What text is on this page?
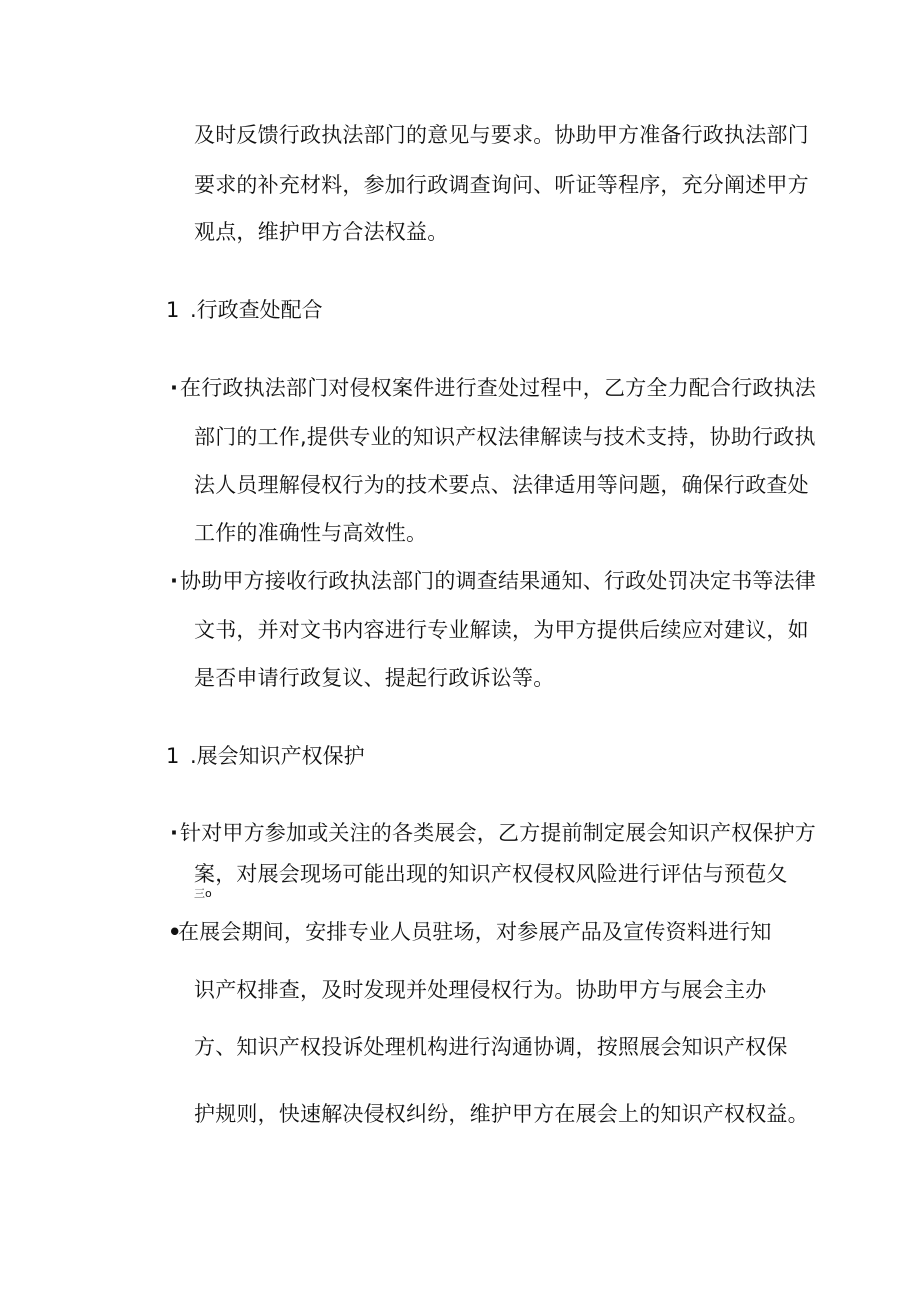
及时反馈行政执法部门的意见与要求。协助甲方准备行政执法部门
要求的补充材料，参加行政调查询问、听证等程序，充分阐述甲方
观点，维护甲方合法权益。
1 .行政查处配合
·在行政执法部门对侵权案件进行查处过程中，乙方全力配合行政执法
部门的工作,提供专业的知识产权法律解读与技术支持，协助行政执
法人员理解侵权行为的技术要点、法律适用等问题，确保行政查处
工作的准确性与高效性。
·协助甲方接收行政执法部门的调查结果通知、行政处罚决定书等法律
文书，并对文书内容进行专业解读，为甲方提供后续应对建议，如
是否申请行政复议、提起行政诉讼等。
1 .展会知识产权保护
·针对甲方参加或关注的各类展会，乙方提前制定展会知识产权保护方
案，对展会现场可能出现的知识产权侵权风险进行评估与预苞夂
三o
•在展会期间，安排专业人员驻场，对参展产品及宣传资料进行知
识产权排查，及时发现并处理侵权行为。协助甲方与展会主办
方、知识产权投诉处理机构进行沟通协调，按照展会知识产权保
护规则，快速解决侵权纠纷，维护甲方在展会上的知识产权权益。
